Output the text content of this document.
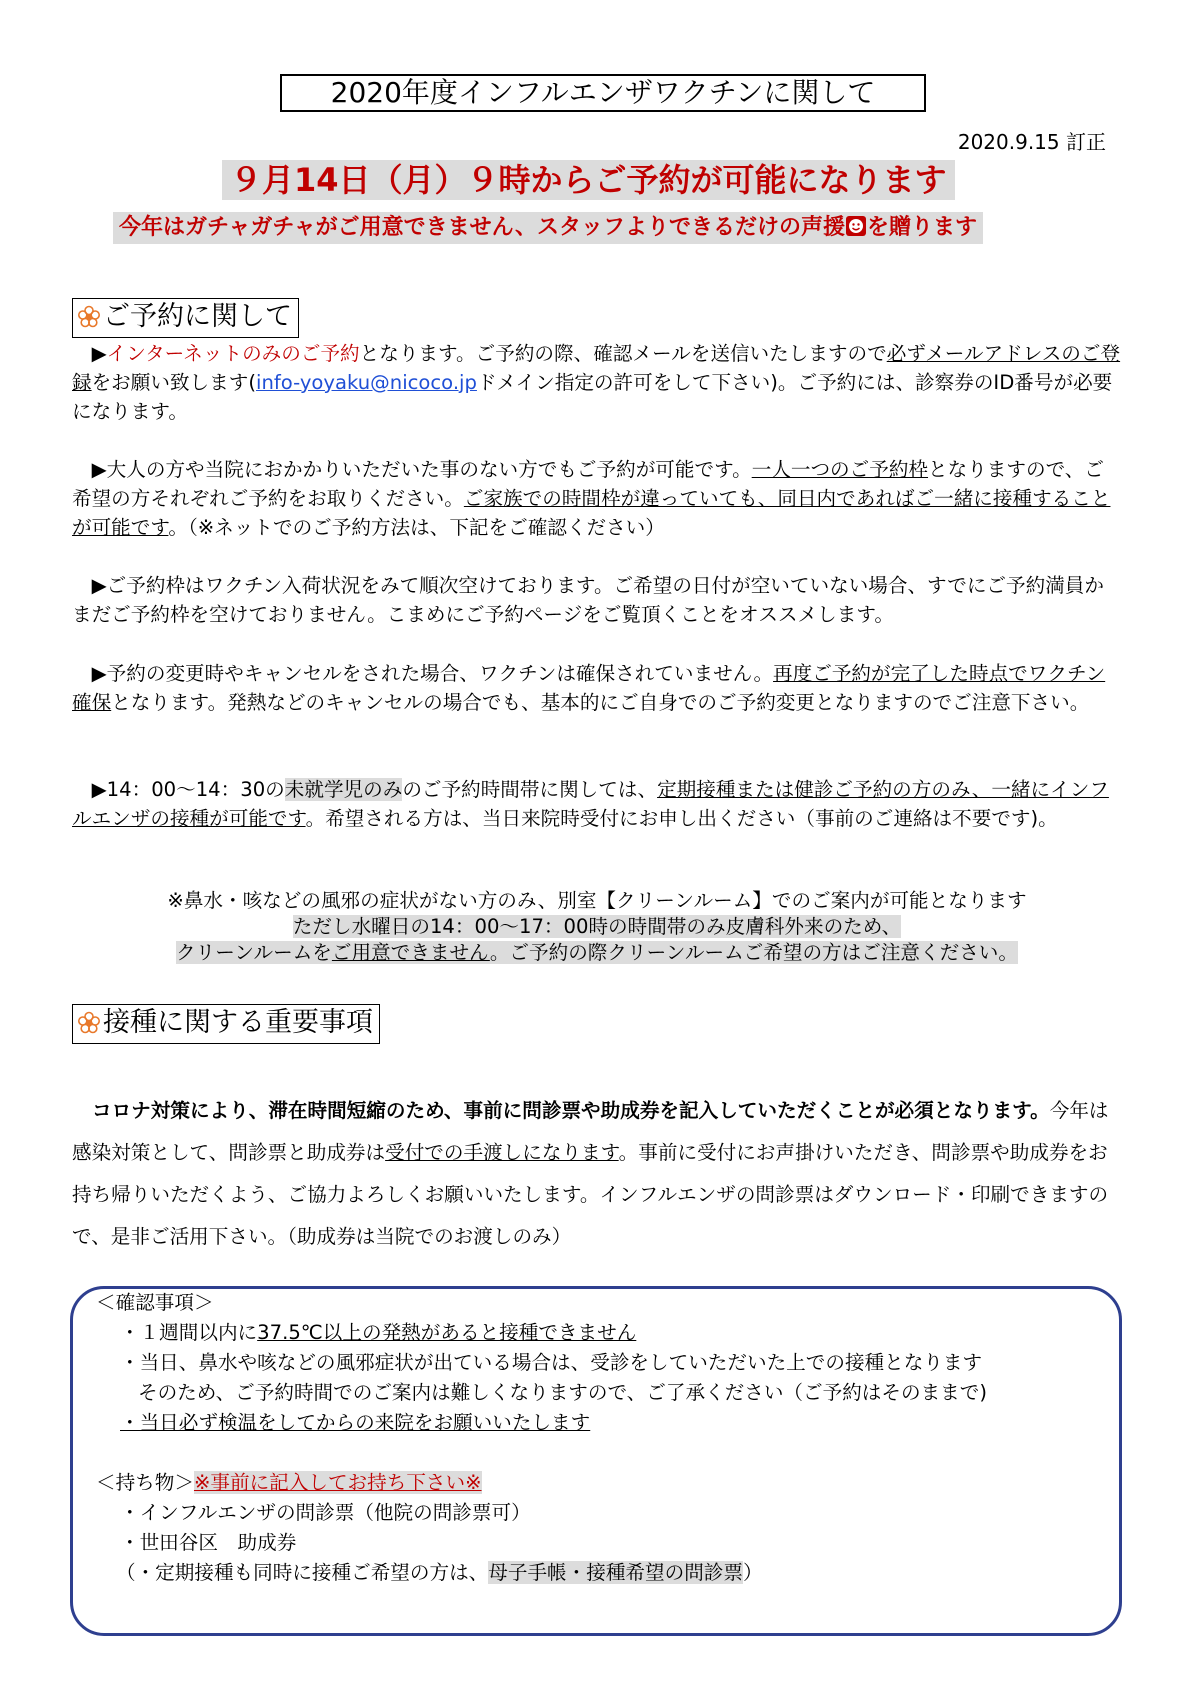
2020年度インフルエンザワクチンに関して
2020.9.15 訂正
９月14日（月）９時からご予約が可能になります
今年はガチャガチャがご用意できません、スタッフよりできるだけの声援 を贈ります
ご予約に関して

　▶インターネットのみのご予約となります。ご予約の際、確認メールを送信いたしますので必ずメールアドレスのご登録をお願い致します(info-yoyaku@nicoco.jpドメイン指定の許可をして下さい)。ご予約には、診察券のID番号が必要になります。

　▶大人の方や当院におかかりいただいた事のない方でもご予約が可能です。一人一つのご予約枠となりますので、ご希望の方それぞれご予約をお取りください。ご家族での時間枠が違っていても、同日内であればご一緒に接種することが可能です。（※ネットでのご予約方法は、下記をご確認ください）

　▶ご予約枠はワクチン入荷状況をみて順次空けております。ご希望の日付が空いていない場合、すでにご予約満員かまだご予約枠を空けておりません。こまめにご予約ページをご覧頂くことをオススメします。

　▶予約の変更時やキャンセルをされた場合、ワクチンは確保されていません。再度ご予約が完了した時点でワクチン確保となります。発熱などのキャンセルの場合でも、基本的にご自身でのご予約変更となりますのでご注意下さい。

　▶14：00〜14：30の未就学児のみのご予約時間帯に関しては、定期接種または健診ご予約の方のみ、一緒にインフルエンザの接種が可能です。希望される方は、当日来院時受付にお申し出ください（事前のご連絡は不要です)。

※鼻水・咳などの風邪の症状がない方のみ、別室【クリーンルーム】でのご案内が可能となります
ただし水曜日の14：00〜17：00時の時間帯のみ皮膚科外来のため、
クリーンルームをご用意できません。ご予約の際クリーンルームご希望の方はご注意ください。
接種に関する重要事項
コロナ対策により、滞在時間短縮のため、事前に問診票や助成券を記入していただくことが必須となります。今年は感染対策として、問診票と助成券は受付での手渡しになります。事前に受付にお声掛けいただき、問診票や助成券をお持ち帰りいただくよう、ご協力よろしくお願いいたします。インフルエンザの問診票はダウンロード・印刷できますので、是非ご活用下さい。（助成券は当院でのお渡しのみ）
＜確認事項＞
・１週間以内に37.5℃以上の発熱があると接種できません
・当日、鼻水や咳などの風邪症状が出ている場合は、受診をしていただいた上での接種となります
そのため、ご予約時間でのご案内は難しくなりますので、ご了承ください（ご予約はそのままで)
・当日必ず検温をしてからの来院をお願いいたします
＜持ち物＞※事前に記入してお持ち下さい※
・インフルエンザの問診票（他院の問診票可）
・世田谷区　助成券
（・定期接種も同時に接種ご希望の方は、母子手帳・接種希望の問診票）
